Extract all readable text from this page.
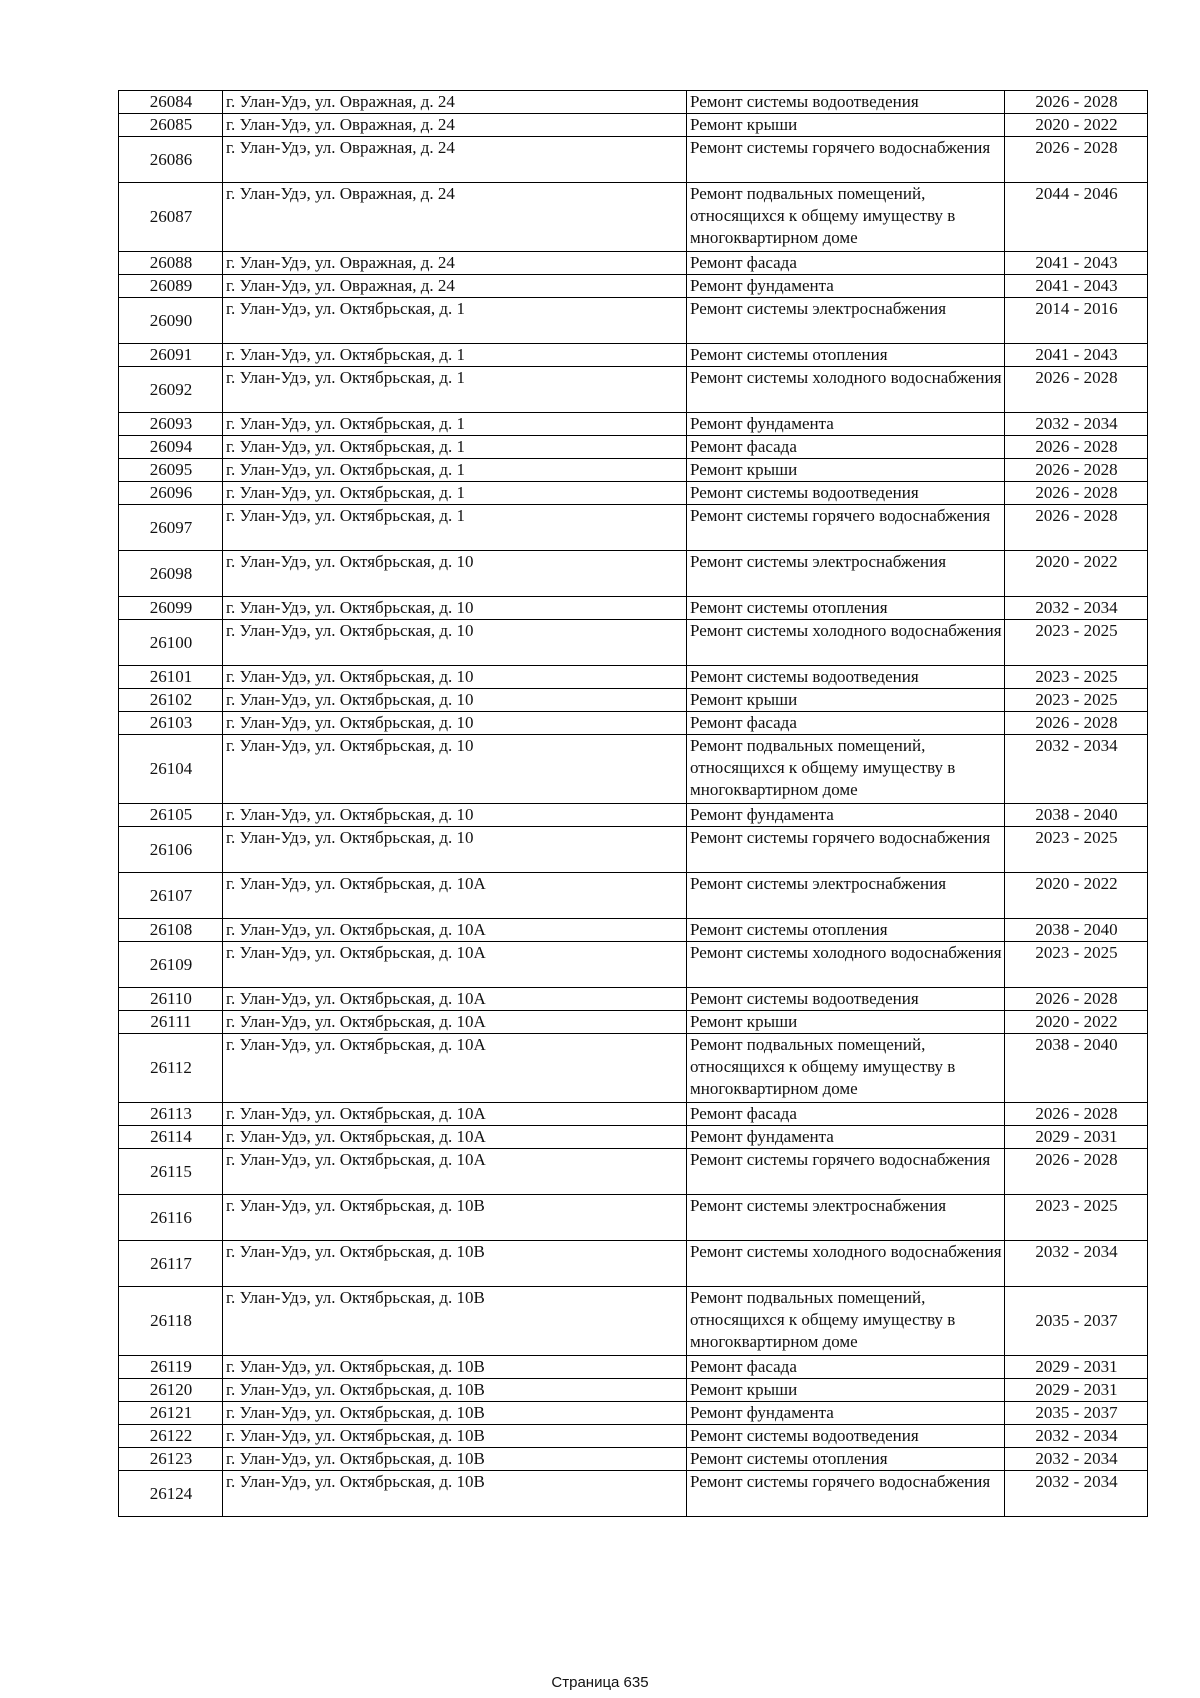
26084	г. Улан-Удэ, ул. Овражная, д. 24	Ремонт системы водоотведения	2026 - 2028
26085	г. Улан-Удэ, ул. Овражная, д. 24	Ремонт крыши	2020 - 2022
26086	г. Улан-Удэ, ул. Овражная, д. 24	Ремонт системы горячего водоснабжения	2026 - 2028
26087	г. Улан-Удэ, ул. Овражная, д. 24	Ремонт подвальных помещений, относящихся к общему имуществу в многоквартирном доме	2044 - 2046
26088	г. Улан-Удэ, ул. Овражная, д. 24	Ремонт фасада	2041 - 2043
26089	г. Улан-Удэ, ул. Овражная, д. 24	Ремонт фундамента	2041 - 2043
26090	г. Улан-Удэ, ул. Октябрьская, д. 1	Ремонт системы электроснабжения	2014 - 2016
26091	г. Улан-Удэ, ул. Октябрьская, д. 1	Ремонт системы отопления	2041 - 2043
26092	г. Улан-Удэ, ул. Октябрьская, д. 1	Ремонт системы холодного водоснабжения	2026 - 2028
26093	г. Улан-Удэ, ул. Октябрьская, д. 1	Ремонт фундамента	2032 - 2034
26094	г. Улан-Удэ, ул. Октябрьская, д. 1	Ремонт фасада	2026 - 2028
26095	г. Улан-Удэ, ул. Октябрьская, д. 1	Ремонт крыши	2026 - 2028
26096	г. Улан-Удэ, ул. Октябрьская, д. 1	Ремонт системы водоотведения	2026 - 2028
26097	г. Улан-Удэ, ул. Октябрьская, д. 1	Ремонт системы горячего водоснабжения	2026 - 2028
26098	г. Улан-Удэ, ул. Октябрьская, д. 10	Ремонт системы электроснабжения	2020 - 2022
26099	г. Улан-Удэ, ул. Октябрьская, д. 10	Ремонт системы отопления	2032 - 2034
26100	г. Улан-Удэ, ул. Октябрьская, д. 10	Ремонт системы холодного водоснабжения	2023 - 2025
26101	г. Улан-Удэ, ул. Октябрьская, д. 10	Ремонт системы водоотведения	2023 - 2025
26102	г. Улан-Удэ, ул. Октябрьская, д. 10	Ремонт крыши	2023 - 2025
26103	г. Улан-Удэ, ул. Октябрьская, д. 10	Ремонт фасада	2026 - 2028
26104	г. Улан-Удэ, ул. Октябрьская, д. 10	Ремонт подвальных помещений, относящихся к общему имуществу в многоквартирном доме	2032 - 2034
26105	г. Улан-Удэ, ул. Октябрьская, д. 10	Ремонт фундамента	2038 - 2040
26106	г. Улан-Удэ, ул. Октябрьская, д. 10	Ремонт системы горячего водоснабжения	2023 - 2025
26107	г. Улан-Удэ, ул. Октябрьская, д. 10А	Ремонт системы электроснабжения	2020 - 2022
26108	г. Улан-Удэ, ул. Октябрьская, д. 10А	Ремонт системы отопления	2038 - 2040
26109	г. Улан-Удэ, ул. Октябрьская, д. 10А	Ремонт системы холодного водоснабжения	2023 - 2025
26110	г. Улан-Удэ, ул. Октябрьская, д. 10А	Ремонт системы водоотведения	2026 - 2028
26111	г. Улан-Удэ, ул. Октябрьская, д. 10А	Ремонт крыши	2020 - 2022
26112	г. Улан-Удэ, ул. Октябрьская, д. 10А	Ремонт подвальных помещений, относящихся к общему имуществу в многоквартирном доме	2038 - 2040
26113	г. Улан-Удэ, ул. Октябрьская, д. 10А	Ремонт фасада	2026 - 2028
26114	г. Улан-Удэ, ул. Октябрьская, д. 10А	Ремонт фундамента	2029 - 2031
26115	г. Улан-Удэ, ул. Октябрьская, д. 10А	Ремонт системы горячего водоснабжения	2026 - 2028
26116	г. Улан-Удэ, ул. Октябрьская, д. 10В	Ремонт системы электроснабжения	2023 - 2025
26117	г. Улан-Удэ, ул. Октябрьская, д. 10В	Ремонт системы холодного водоснабжения	2032 - 2034
26118	г. Улан-Удэ, ул. Октябрьская, д. 10В	Ремонт подвальных помещений, относящихся к общему имуществу в многоквартирном доме	2035 - 2037
26119	г. Улан-Удэ, ул. Октябрьская, д. 10В	Ремонт фасада	2029 - 2031
26120	г. Улан-Удэ, ул. Октябрьская, д. 10В	Ремонт крыши	2029 - 2031
26121	г. Улан-Удэ, ул. Октябрьская, д. 10В	Ремонт фундамента	2035 - 2037
26122	г. Улан-Удэ, ул. Октябрьская, д. 10В	Ремонт системы водоотведения	2032 - 2034
26123	г. Улан-Удэ, ул. Октябрьская, д. 10В	Ремонт системы отопления	2032 - 2034
26124	г. Улан-Удэ, ул. Октябрьская, д. 10В	Ремонт системы горячего водоснабжения	2032 - 2034
Страница 635
